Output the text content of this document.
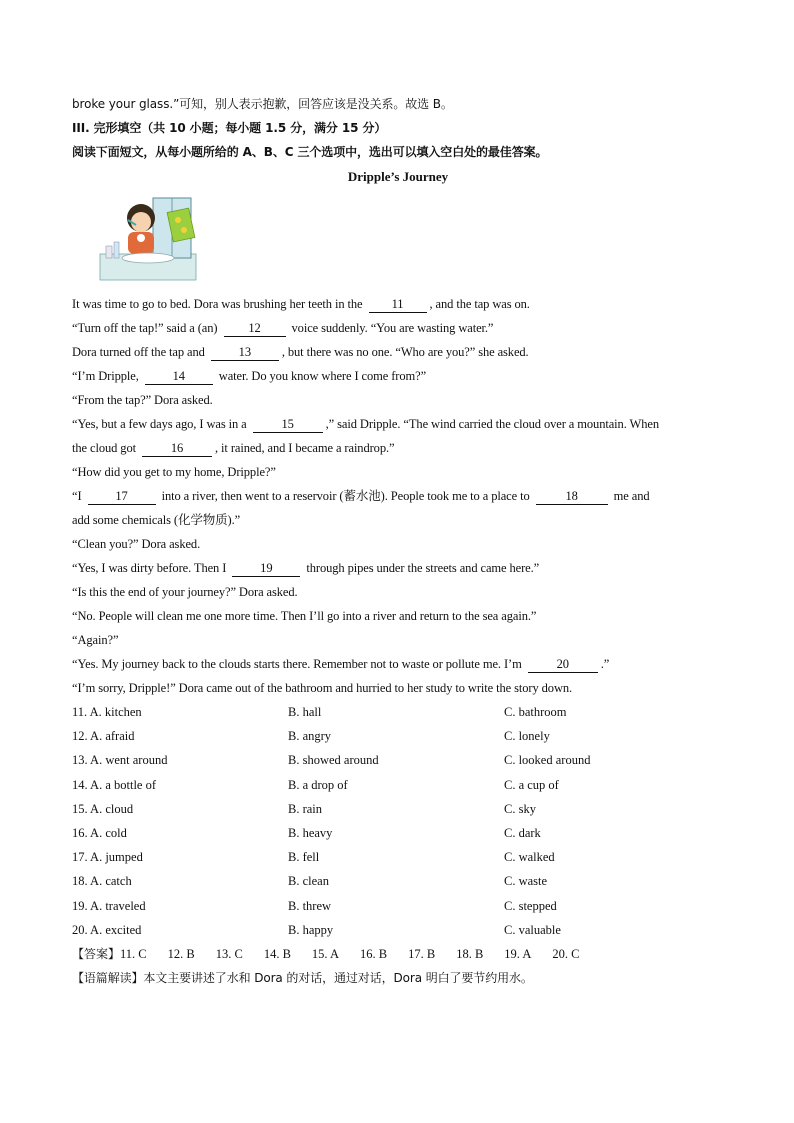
broke your glass.”可知，别人表示抱歉，回答应该是没关系。故选 B。
III. 完形填空（共 10 小题；每小题 1.5 分，满分 15 分）
阅读下面短文，从每小题所给的 A、B、C 三个选项中，选出可以填入空白处的最佳答案。
Dripple’s Journey
It was time to go to bed. Dora was brushing her teeth in the 11 , and the tap was on.
“Turn off the tap!” said a (an) 12 voice suddenly. “You are wasting water.”
Dora turned off the tap and	13 , but there was no one. “Who are you?” she asked.
“I’m Dripple,	14	water. Do you know where I come from?”
“From the tap?” Dora asked.
“Yes, but a few days ago, I was in a	15	,” said Dripple. “The wind carried the cloud over a mountain. When
the cloud got	16	, it rained, and I became a raindrop.”
“How did you get to my home, Dripple?”
“I	17	into a river, then went to a reservoir (蓄水池). People took me to a place to	18	me and
add some chemicals (化学物质).”
“Clean you?” Dora asked.
“Yes, I was dirty before. Then I	19	through pipes under the streets and came here.”
“Is this the end of your journey?” Dora asked.
“No. People will clean me one more time. Then I’ll go into a river and return to the sea again.”
“Again?”
“Yes. My journey back to the clouds starts there. Remember not to waste or pollute me. I’m	20	.”
“I’m sorry, Dripple!” Dora came out of the bathroom and hurried to her study to write the story down.
11. A. kitchen	B. hall	C. bathroom
12. A. afraid	B. angry	C. lonely
13. A. went around	B. showed around	C. looked around
14. A. a bottle of	B. a drop of	C. a cup of
15. A. cloud	B. rain	C. sky
16. A. cold	B. heavy	C. dark
17. A. jumped	B. fell	C. walked
18. A. catch	B. clean	C. waste
19. A. traveled	B. threw	C. stepped
20. A. excited	B. happy	C. valuable
【答案】 11. C 12. B 13. C 14. B 15. A 16. B 17. B 18. B 19. A 20. C
【语篇解读】本文主要讲述了水和 Dora 的对话，通过对话，Dora 明白了要节约用水。
